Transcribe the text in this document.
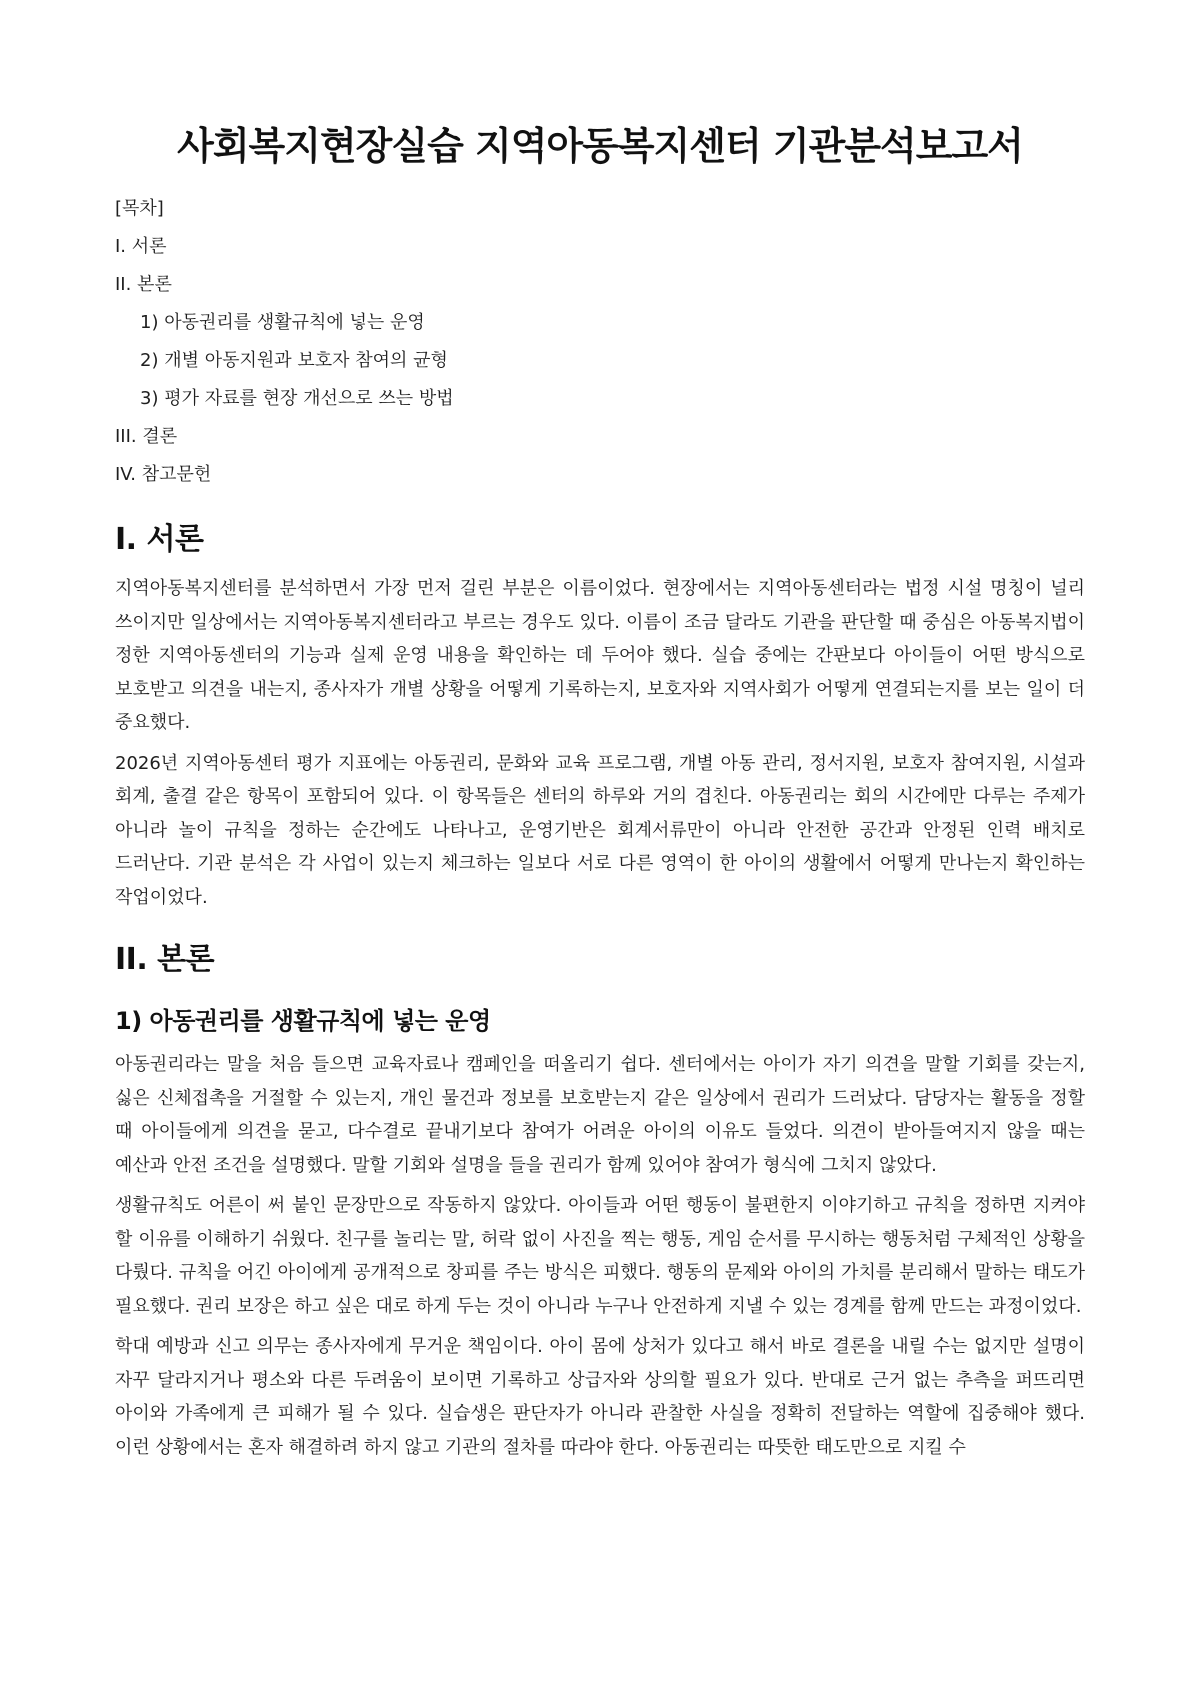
사회복지현장실습 지역아동복지센터 기관분석보고서
[목차]
I. 서론
II. 본론
1) 아동권리를 생활규칙에 넣는 운영
2) 개별 아동지원과 보호자 참여의 균형
3) 평가 자료를 현장 개선으로 쓰는 방법
III. 결론
IV. 참고문헌
I. 서론

지역아동복지센터를 분석하면서 가장 먼저 걸린 부분은 이름이었다. 현장에서는 지역아동센터라는 법정 시설 명칭이 널리 쓰이지만 일상에서는 지역아동복지센터라고 부르는 경우도 있다. 이름이 조금 달라도 기관을 판단할 때 중심은 아동복지법이 정한 지역아동센터의 기능과 실제 운영 내용을 확인하는 데 두어야 했다. 실습 중에는 간판보다 아이들이 어떤 방식으로 보호받고 의견을 내는지, 종사자가 개별 상황을 어떻게 기록하는지, 보호자와 지역사회가 어떻게 연결되는지를 보는 일이 더 중요했다.

2026년 지역아동센터 평가 지표에는 아동권리, 문화와 교육 프로그램, 개별 아동 관리, 정서지원, 보호자 참여지원, 시설과 회계, 출결 같은 항목이 포함되어 있다. 이 항목들은 센터의 하루와 거의 겹친다. 아동권리는 회의 시간에만 다루는 주제가 아니라 놀이 규칙을 정하는 순간에도 나타나고, 운영기반은 회계서류만이 아니라 안전한 공간과 안정된 인력 배치로 드러난다. 기관 분석은 각 사업이 있는지 체크하는 일보다 서로 다른 영역이 한 아이의 생활에서 어떻게 만나는지 확인하는 작업이었다.

II. 본론
1) 아동권리를 생활규칙에 넣는 운영

아동권리라는 말을 처음 들으면 교육자료나 캠페인을 떠올리기 쉽다. 센터에서는 아이가 자기 의견을 말할 기회를 갖는지, 싫은 신체접촉을 거절할 수 있는지, 개인 물건과 정보를 보호받는지 같은 일상에서 권리가 드러났다. 담당자는 활동을 정할 때 아이들에게 의견을 묻고, 다수결로 끝내기보다 참여가 어려운 아이의 이유도 들었다. 의견이 받아들여지지 않을 때는 예산과 안전 조건을 설명했다. 말할 기회와 설명을 들을 권리가 함께 있어야 참여가 형식에 그치지 않았다.

생활규칙도 어른이 써 붙인 문장만으로 작동하지 않았다. 아이들과 어떤 행동이 불편한지 이야기하고 규칙을 정하면 지켜야 할 이유를 이해하기 쉬웠다. 친구를 놀리는 말, 허락 없이 사진을 찍는 행동, 게임 순서를 무시하는 행동처럼 구체적인 상황을 다뤘다. 규칙을 어긴 아이에게 공개적으로 창피를 주는 방식은 피했다. 행동의 문제와 아이의 가치를 분리해서 말하는 태도가 필요했다. 권리 보장은 하고 싶은 대로 하게 두는 것이 아니라 누구나 안전하게 지낼 수 있는 경계를 함께 만드는 과정이었다.

학대 예방과 신고 의무는 종사자에게 무거운 책임이다. 아이 몸에 상처가 있다고 해서 바로 결론을 내릴 수는 없지만 설명이 자꾸 달라지거나 평소와 다른 두려움이 보이면 기록하고 상급자와 상의할 필요가 있다. 반대로 근거 없는 추측을 퍼뜨리면 아이와 가족에게 큰 피해가 될 수 있다. 실습생은 판단자가 아니라 관찰한 사실을 정확히 전달하는 역할에 집중해야 했다. 이런 상황에서는 혼자 해결하려 하지 않고 기관의 절차를 따라야 한다. 아동권리는 따뜻한 태도만으로 지킬 수
